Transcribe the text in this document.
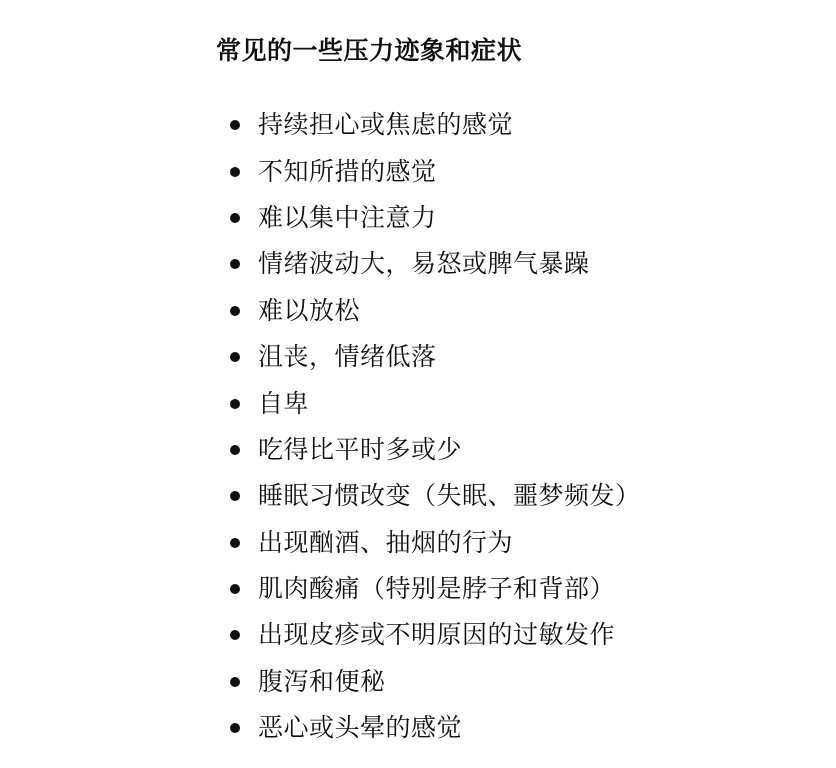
常见的一些压力迹象和症状
持续担心或焦虑的感觉
不知所措的感觉
难以集中注意力
情绪波动大，易怒或脾气暴躁
难以放松
沮丧，情绪低落
自卑
吃得比平时多或少
睡眠习惯改变（失眠、噩梦频发）
出现酗酒、抽烟的行为
肌肉酸痛（特别是脖子和背部）
出现皮疹或不明原因的过敏发作
腹泻和便秘
恶心或头晕的感觉
